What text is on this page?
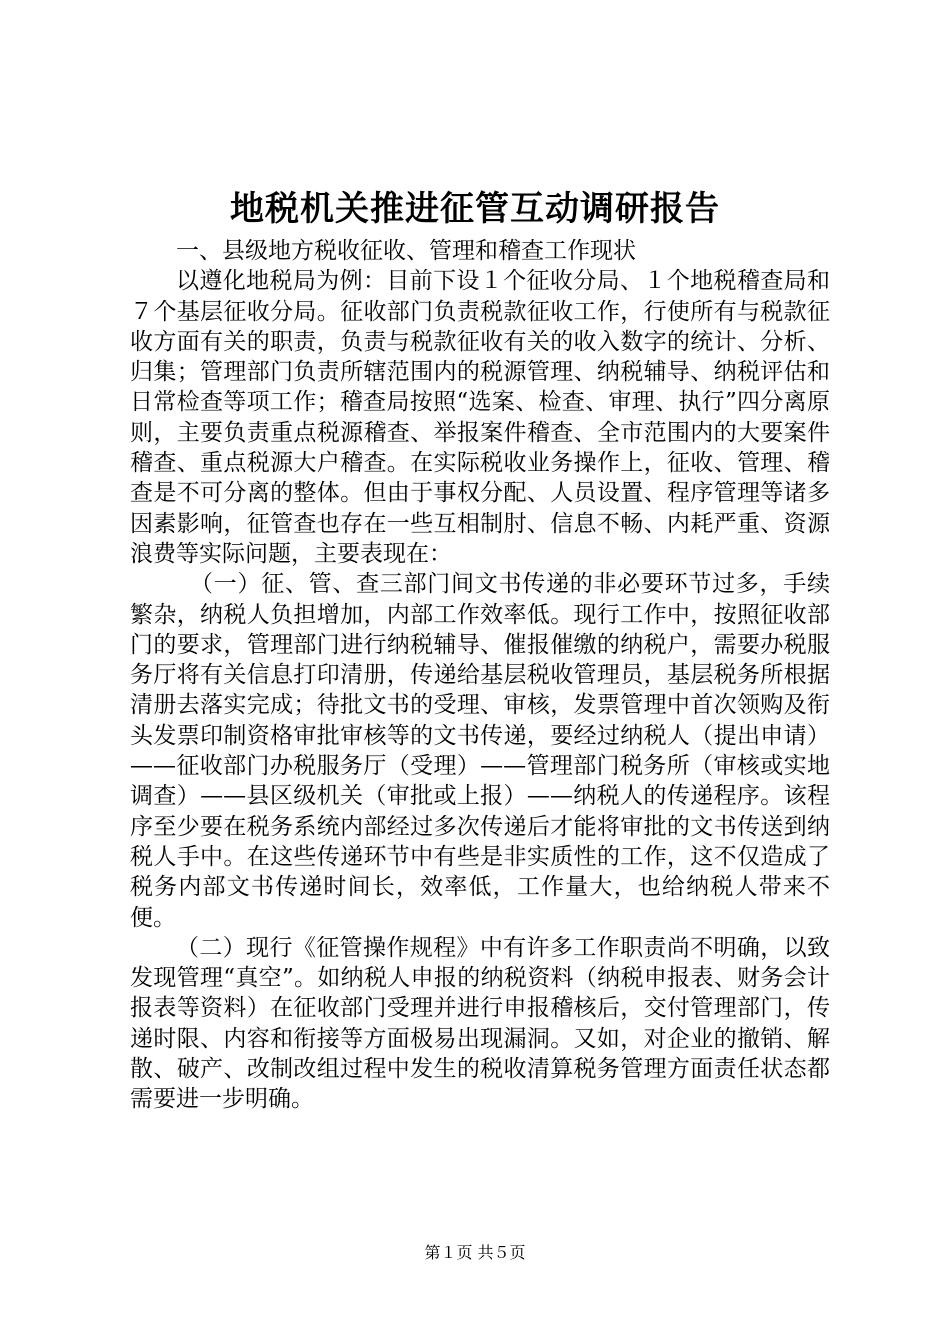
地税机关推进征管互动调研报告

一、县级地方税收征收、管理和稽查工作现状

以遵化地税局为例：目前下设１个征收分局、１个地税稽查局和７个基层征收分局。征收部门负责税款征收工作，行使所有与税款征收方面有关的职责，负责与税款征收有关的收入数字的统计、分析、归集；管理部门负责所辖范围内的税源管理、纳税辅导、纳税评估和日常检查等项工作；稽查局按照“选案、检查、审理、执行”四分离原则，主要负责重点税源稽查、举报案件稽查、全市范围内的大要案件稽查、重点税源大户稽查。在实际税收业务操作上，征收、管理、稽查是不可分离的整体。但由于事权分配、人员设置、程序管理等诸多因素影响，征管查也存在一些互相制肘、信息不畅、内耗严重、资源浪费等实际问题，主要表现在：

（一）征、管、查三部门间文书传递的非必要环节过多，手续繁杂，纳税人负担增加，内部工作效率低。现行工作中，按照征收部门的要求，管理部门进行纳税辅导、催报催缴的纳税户，需要办税服务厅将有关信息打印清册，传递给基层税收管理员，基层税务所根据清册去落实完成；待批文书的受理、审核，发票管理中首次领购及衔头发票印制资格审批审核等的文书传递，要经过纳税人（提出申请）——征收部门办税服务厅（受理）——管理部门税务所（审核或实地调查）——县区级机关（审批或上报）——纳税人的传递程序。该程序至少要在税务系统内部经过多次传递后才能将审批的文书传送到纳税人手中。在这些传递环节中有些是非实质性的工作，这不仅造成了税务内部文书传递时间长，效率低，工作量大，也给纳税人带来不便。

（二）现行《征管操作规程》中有许多工作职责尚不明确，以致发现管理“真空”。如纳税人申报的纳税资料（纳税申报表、财务会计报表等资料）在征收部门受理并进行申报稽核后，交付管理部门，传递时限、内容和衔接等方面极易出现漏洞。又如，对企业的撤销、解散、破产、改制改组过程中发生的税收清算税务管理方面责任状态都需要进一步明确。

第１页 共５页
